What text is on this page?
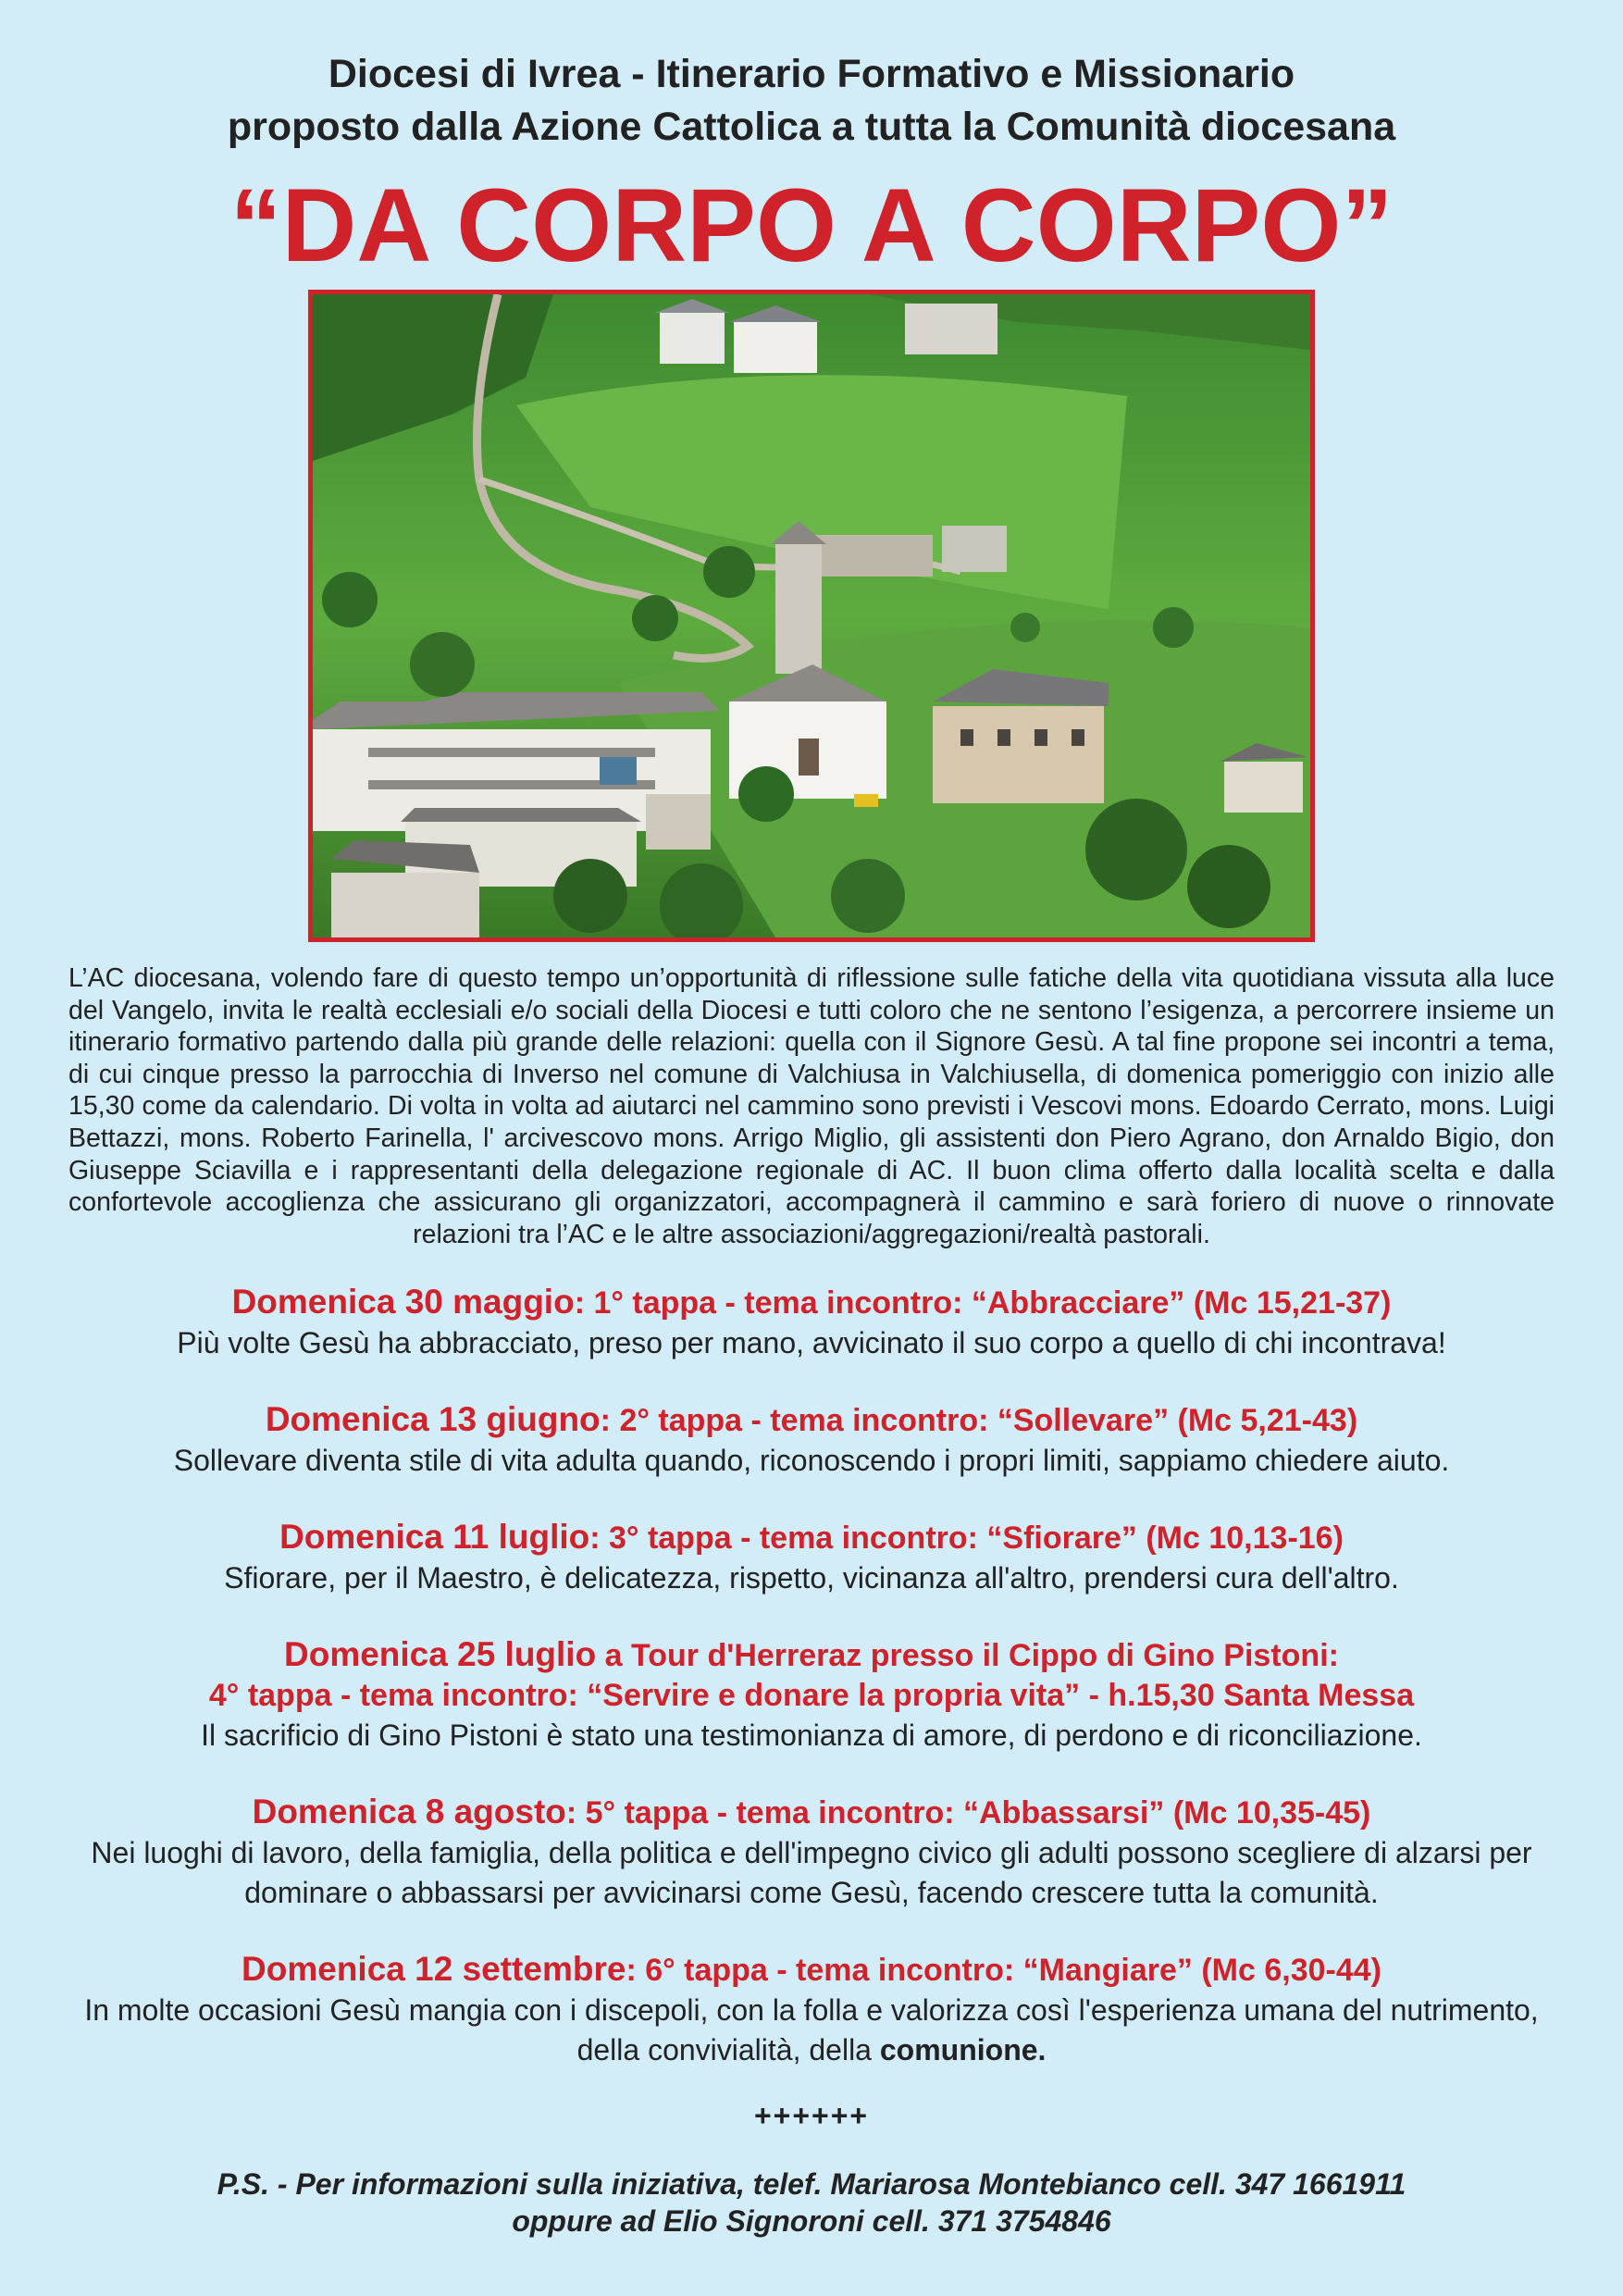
Diocesi di Ivrea - Itinerario Formativo e Missionario
proposto dalla Azione Cattolica a tutta la Comunità diocesana
“DA CORPO A CORPO”
L’AC diocesana, volendo fare di questo tempo un’opportunità di riflessione sulle fatiche della vita quotidiana vissuta alla luce del Vangelo, invita le realtà ecclesiali e/o sociali della Diocesi e tutti coloro che ne sentono l’esigenza, a percorrere insieme un itinerario formativo partendo dalla più grande delle relazioni: quella con il Signore Gesù. A tal fine propone sei incontri a tema, di cui cinque presso la parrocchia di Inverso nel comune di Valchiusa in Valchiusella, di domenica pomeriggio con inizio alle 15,30 come da calendario. Di volta in volta ad aiutarci nel cammino sono previsti i Vescovi mons. Edoardo Cerrato, mons. Luigi Bettazzi, mons. Roberto Farinella, l' arcivescovo mons. Arrigo Miglio, gli assistenti don Piero Agrano, don Arnaldo Bigio, don Giuseppe Sciavilla e i rappresentanti della delegazione regionale di AC. Il buon clima offerto dalla località scelta e dalla confortevole accoglienza che assicurano gli organizzatori, accompagnerà il cammino e sarà foriero di nuove o rinnovate relazioni tra l’AC e le altre associazioni/aggregazioni/realtà pastorali.
Domenica 30 maggio: 1° tappa - tema incontro: “Abbracciare” (Mc 15,21-37)
Più volte Gesù ha abbracciato, preso per mano, avvicinato il suo corpo a quello di chi incontrava!
Domenica 13 giugno: 2° tappa - tema incontro: “Sollevare” (Mc 5,21-43)
Sollevare diventa stile di vita adulta quando, riconoscendo i propri limiti, sappiamo chiedere aiuto.
Domenica 11 luglio: 3° tappa - tema incontro: “Sfiorare” (Mc 10,13-16)
Sfiorare, per il Maestro, è delicatezza, rispetto, vicinanza all'altro, prendersi cura dell'altro.
Domenica 25 luglio a Tour d'Herreraz presso il Cippo di Gino Pistoni:
4° tappa - tema incontro: “Servire e donare la propria vita” - h.15,30 Santa Messa
Il sacrificio di Gino Pistoni è stato una testimonianza di amore, di perdono e di riconciliazione.
Domenica 8 agosto: 5° tappa - tema incontro: “Abbassarsi” (Mc 10,35-45)
Nei luoghi di lavoro, della famiglia, della politica e dell'impegno civico gli adulti possono scegliere di alzarsi per dominare o abbassarsi per avvicinarsi come Gesù, facendo crescere tutta la comunità.
Domenica 12 settembre: 6° tappa - tema incontro: “Mangiare” (Mc 6,30-44)
In molte occasioni Gesù mangia con i discepoli, con la folla e valorizza così l'esperienza umana del nutrimento, della convivialità, della comunione.
++++++
P.S. - Per informazioni sulla iniziativa, telef. Mariarosa Montebianco cell. 347 1661911
oppure ad Elio Signoroni cell. 371 3754846
